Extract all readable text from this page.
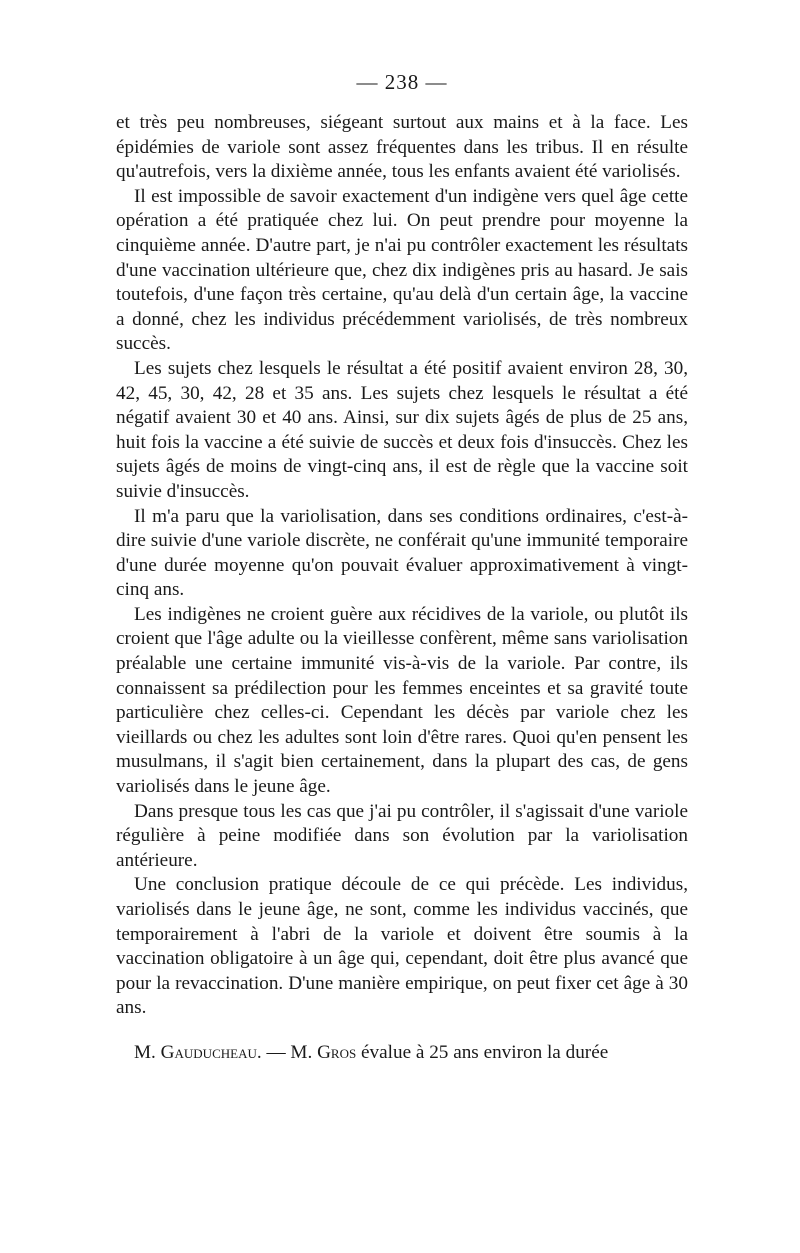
— 238 —

et très peu nombreuses, siégeant surtout aux mains et à la face. Les épidémies de variole sont assez fréquentes dans les tribus. Il en résulte qu'autrefois, vers la dixième année, tous les enfants avaient été variolisés.

Il est impossible de savoir exactement d'un indigène vers quel âge cette opération a été pratiquée chez lui. On peut prendre pour moyenne la cinquième année. D'autre part, je n'ai pu contrôler exactement les résultats d'une vaccination ultérieure que, chez dix indigènes pris au hasard. Je sais toutefois, d'une façon très certaine, qu'au delà d'un certain âge, la vaccine a donné, chez les individus précédemment variolisés, de très nombreux succès.

Les sujets chez lesquels le résultat a été positif avaient environ 28, 30, 42, 45, 30, 42, 28 et 35 ans. Les sujets chez lesquels le résultat a été négatif avaient 30 et 40 ans. Ainsi, sur dix sujets âgés de plus de 25 ans, huit fois la vaccine a été suivie de succès et deux fois d'insuccès. Chez les sujets âgés de moins de vingt-cinq ans, il est de règle que la vaccine soit suivie d'insuccès.

Il m'a paru que la variolisation, dans ses conditions ordinaires, c'est-à-dire suivie d'une variole discrète, ne conférait qu'une immunité temporaire d'une durée moyenne qu'on pouvait évaluer approximativement à vingt-cinq ans.

Les indigènes ne croient guère aux récidives de la variole, ou plutôt ils croient que l'âge adulte ou la vieillesse confèrent, même sans variolisation préalable une certaine immunité vis-à-vis de la variole. Par contre, ils connaissent sa prédilection pour les femmes enceintes et sa gravité toute particulière chez celles-ci. Cependant les décès par variole chez les vieillards ou chez les adultes sont loin d'être rares. Quoi qu'en pensent les musulmans, il s'agit bien certainement, dans la plupart des cas, de gens variolisés dans le jeune âge.

Dans presque tous les cas que j'ai pu contrôler, il s'agissait d'une variole régulière à peine modifiée dans son évolution par la variolisation antérieure.

Une conclusion pratique découle de ce qui précède. Les individus, variolisés dans le jeune âge, ne sont, comme les individus vaccinés, que temporairement à l'abri de la variole et doivent être soumis à la vaccination obligatoire à un âge qui, cependant, doit être plus avancé que pour la revaccination. D'une manière empirique, on peut fixer cet âge à 30 ans.

M. Gauducheau. — M. Gros évalue à 25 ans environ la durée
